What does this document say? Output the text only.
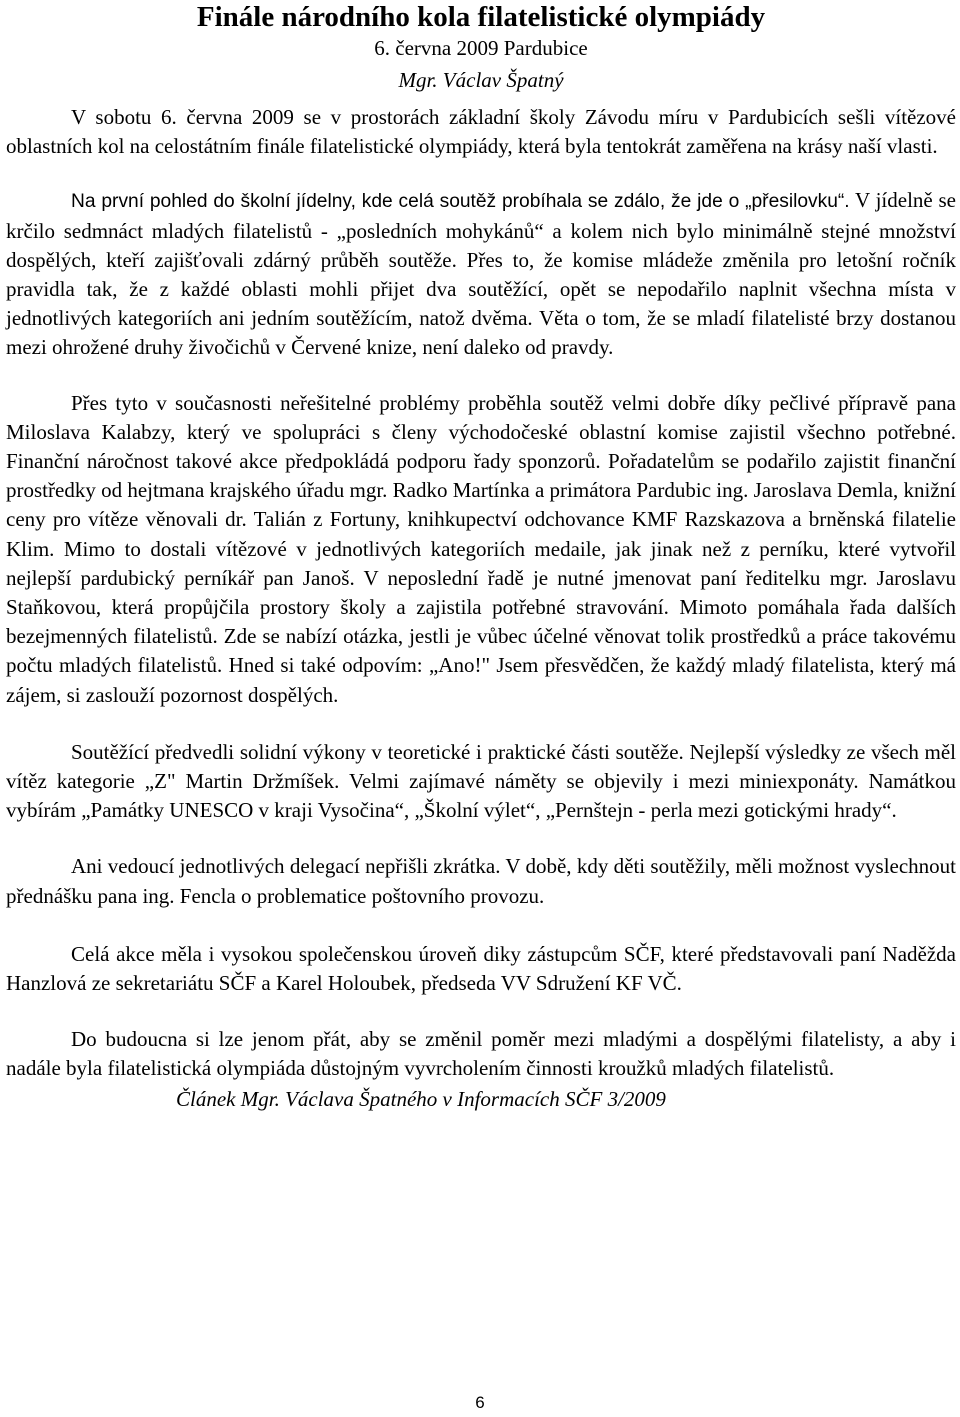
Finále národního kola filatelistické olympiády

6. června 2009 Pardubice

Mgr. Václav Špatný

V sobotu 6. června 2009 se v prostorách základní školy Závodu míru v Pardubicích sešli vítězové oblastních kol na celostátním finále filatelistické olympiády, která byla tentokrát zaměřena na krásy naší vlasti.

Na první pohled do školní jídelny, kde celá soutěž probíhala se zdálo, že jde o „přesilovku“. V jídelně se krčilo sedmnáct mladých filatelistů - „posledních mohykánů“ a kolem nich bylo minimálně stejné množství dospělých, kteří zajišťovali zdárný průběh soutěže. Přes to, že komise mládeže změnila pro letošní ročník pravidla tak, že z každé oblasti mohli přijet dva soutěžící, opět se nepodařilo naplnit všechna místa v jednotlivých kategoriích ani jedním soutěžícím, natož dvěma. Věta o tom, že se mladí filatelisté brzy dostanou mezi ohrožené druhy živočichů v Červené knize, není daleko od pravdy.

Přes tyto v současnosti neřešitelné problémy proběhla soutěž velmi dobře díky pečlivé přípravě pana Miloslava Kalabzy, který ve spolupráci s členy východočeské oblastní komise zajistil všechno potřebné. Finanční náročnost takové akce předpokládá podporu řady sponzorů. Pořadatelům se podařilo zajistit finanční prostředky od hejtmana krajského úřadu mgr. Radko Martínka a primátora Pardubic ing. Jaroslava Demla, knižní ceny pro vítěze věnovali dr. Talián z Fortuny, knihkupectví odchovance KMF Razskazova a brněnská filatelie Klim. Mimo to dostali vítězové v jednotlivých kategoriích medaile, jak jinak než z perníku, které vytvořil nejlepší pardubický perníkář pan Janoš. V neposlední řadě je nutné jmenovat paní ředitelku mgr. Jaroslavu Staňkovou, která propůjčila prostory školy a zajistila potřebné stravování. Mimoto pomáhala řada dalších bezejmenných filatelistů. Zde se nabízí otázka, jestli je vůbec účelné věnovat tolik prostředků a práce takovému počtu mladých filatelistů. Hned si také odpovím: „Ano!" Jsem přesvědčen, že každý mladý filatelista, který má zájem, si zaslouží pozornost dospělých.

Soutěžící předvedli solidní výkony v teoretické i praktické části soutěže. Nejlepší výsledky ze všech měl vítěz kategorie „Z" Martin Držmíšek. Velmi zajímavé náměty se objevily i mezi miniexponáty. Namátkou vybírám „Památky UNESCO v kraji Vysočina“, „Školní výlet“, „Pernštejn - perla mezi gotickými hrady“.

Ani vedoucí jednotlivých delegací nepřišli zkrátka. V době, kdy děti soutěžily, měli možnost vyslechnout přednášku pana ing. Fencla o problematice poštovního provozu.

Celá akce měla i vysokou společenskou úroveň diky zástupcům SČF, které představovali paní Naděžda Hanzlová ze sekretariátu SČF a Karel Holoubek, předseda VV Sdružení KF VČ.

Do budoucna si lze jenom přát, aby se změnil poměr mezi mladými a dospělými filatelisty, a aby i nadále byla filatelistická olympiáda důstojným vyvrcholením činnosti kroužků mladých filatelistů.

Článek Mgr. Václava Špatného v Informacích SČF 3/2009

6
